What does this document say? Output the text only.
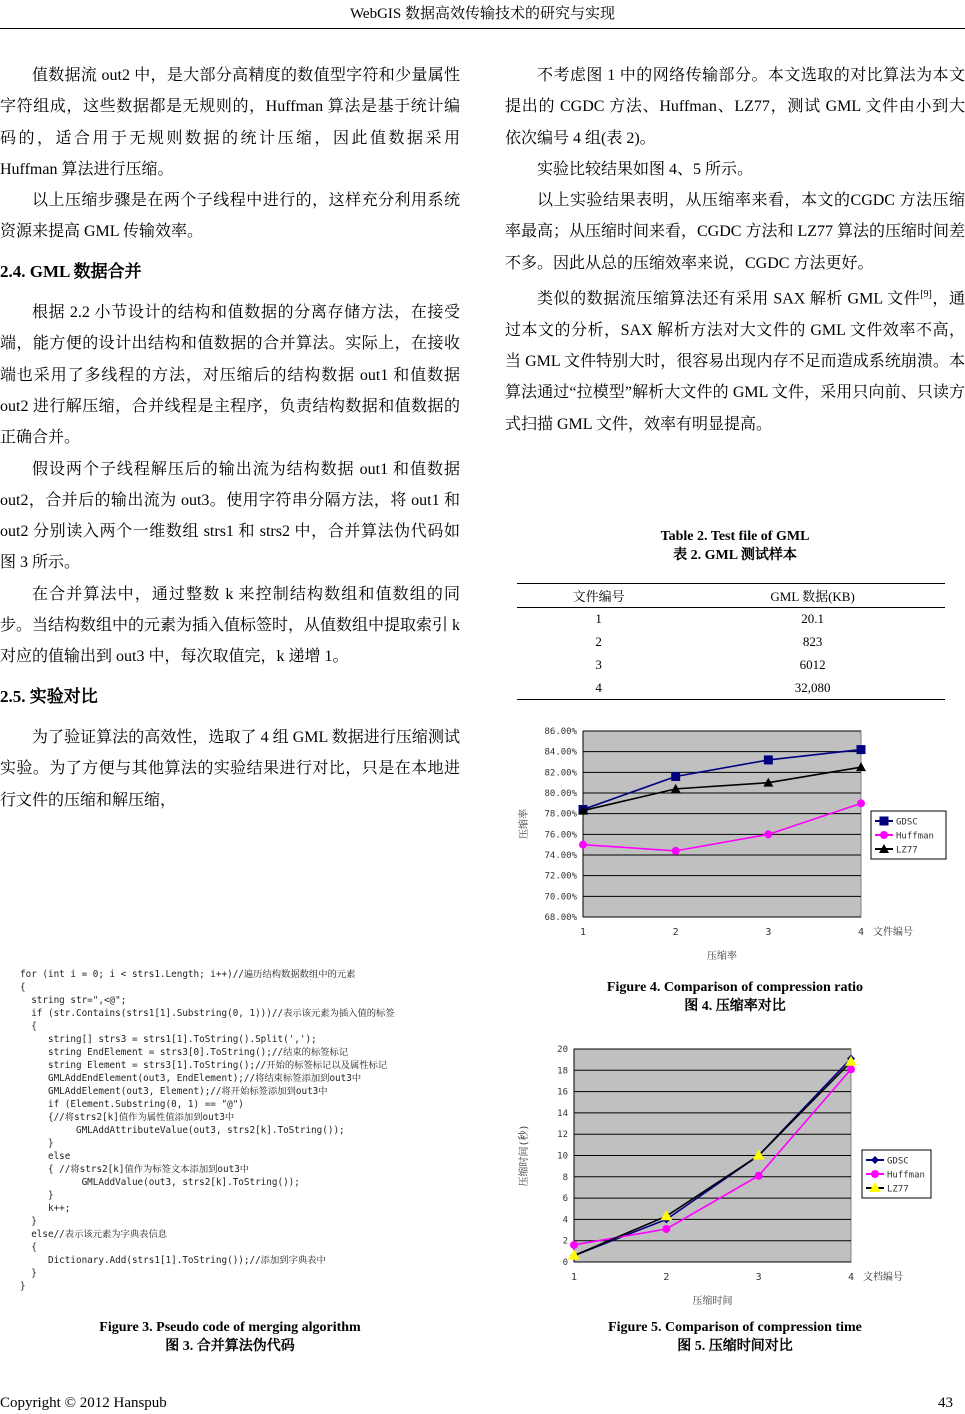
WebGIS 数据高效传输技术的研究与实现

值数据流 out2 中，是大部分高精度的数值型字符和少量属性字符组成，这些数据都是无规则的，Huffman 算法是基于统计编码的，适合用于无规则数据的统计压缩，因此值数据采用 Huffman 算法进行压缩。

以上压缩步骤是在两个子线程中进行的，这样充分利用系统资源来提高 GML 传输效率。

2.4. GML 数据合并

根据 2.2 小节设计的结构和值数据的分离存储方法，在接受端，能方便的设计出结构和值数据的合并算法。实际上，在接收端也采用了多线程的方法，对压缩后的结构数据 out1 和值数据 out2 进行解压缩，合并线程是主程序，负责结构数据和值数据的正确合并。

假设两个子线程解压后的输出流为结构数据 out1 和值数据 out2，合并后的输出流为 out3。使用字符串分隔方法，将 out1 和 out2 分别读入两个一维数组 strs1 和 strs2 中，合并算法伪代码如图 3 所示。

在合并算法中，通过整数 k 来控制结构数组和值数组的同步。当结构数组中的元素为插入值标签时，从值数组中提取索引 k 对应的值输出到 out3 中，每次取值完，k 递增 1。

2.5. 实验对比

为了验证算法的高效性，选取了 4 组 GML 数据进行压缩测试实验。为了方便与其他算法的实验结果进行对比，只是在本地进行文件的压缩和解压缩，

for (int i = 0; i < strs1.Length; i++)//遍历结构数据数组中的元素
{
string str=",<@";
if (str.Contains(strs1[1].Substring(0, 1)))//表示该元素为插入值的标签
{
string[] strs3 = strs1[1].ToString().Split(',');
string EndElement = strs3[0].ToString();//结束的标签标记
string Element = strs3[1].ToString();//开始的标签标记以及属性标记
GMLAddEndElement(out3, EndElement);//将结束标签添加到out3中
GMLAddElement(out3, Element);//将开始标签添加到out3中
if (Element.Substring(0, 1) == "@")
{//将strs2[k]值作为属性值添加到out3中
GMLAddAttributeValue(out3, strs2[k].ToString());
}
else
{ //将strs2[k]值作为标签文本添加到out3中
GMLAddValue(out3, strs2[k].ToString());
}
k++;
}
else//表示该元素为字典表信息
{
Dictionary.Add(strs1[1].ToString());//添加到字典表中
}
}
Figure 3. Pseudo code of merging algorithm
图 3. 合并算法伪代码

不考虑图 1 中的网络传输部分。本文选取的对比算法为本文提出的 CGDC 方法、Huffman、LZ77，测试 GML 文件由小到大依次编号 4 组(表 2)。

实验比较结果如图 4、5 所示。

以上实验结果表明，从压缩率来看，本文的CGDC 方法压缩率最高；从压缩时间来看，CGDC 方法和 LZ77 算法的压缩时间差不多。因此从总的压缩效率来说，CGDC 方法更好。

类似的数据流压缩算法还有采用 SAX 解析 GML 文件[9]，通过本文的分析，SAX 解析方法对大文件的 GML 文件效率不高，当 GML 文件特别大时，很容易出现内存不足而造成系统崩溃。本算法通过“拉模型”解析大文件的 GML 文件，采用只向前、只读方式扫描 GML 文件，效率有明显提高。

Table 2. Test file of GML
表 2. GML 测试样本
文件编号	GML 数据(KB)
1	20.1
2	823
3	6012
4	32,080
68.00%
70.00%
72.00%
74.00%
76.00%
78.00%
80.00%
82.00%
84.00%
86.00%
1	2	3	4 文件编号
压缩率
压缩率	GDSC
Huffman
LZ77
Figure 4. Comparison of compression ratio
图 4. 压缩率对比
0
2
4
6
8
10
12
14
16
18
20
1	2	3	4 文档编号
压缩时间
压缩时间(秒)	GDSC
Huffman
LZ77
Figure 5. Comparison of compression time
图 5. 压缩时间对比
Copyright © 2012 Hanspub	43
